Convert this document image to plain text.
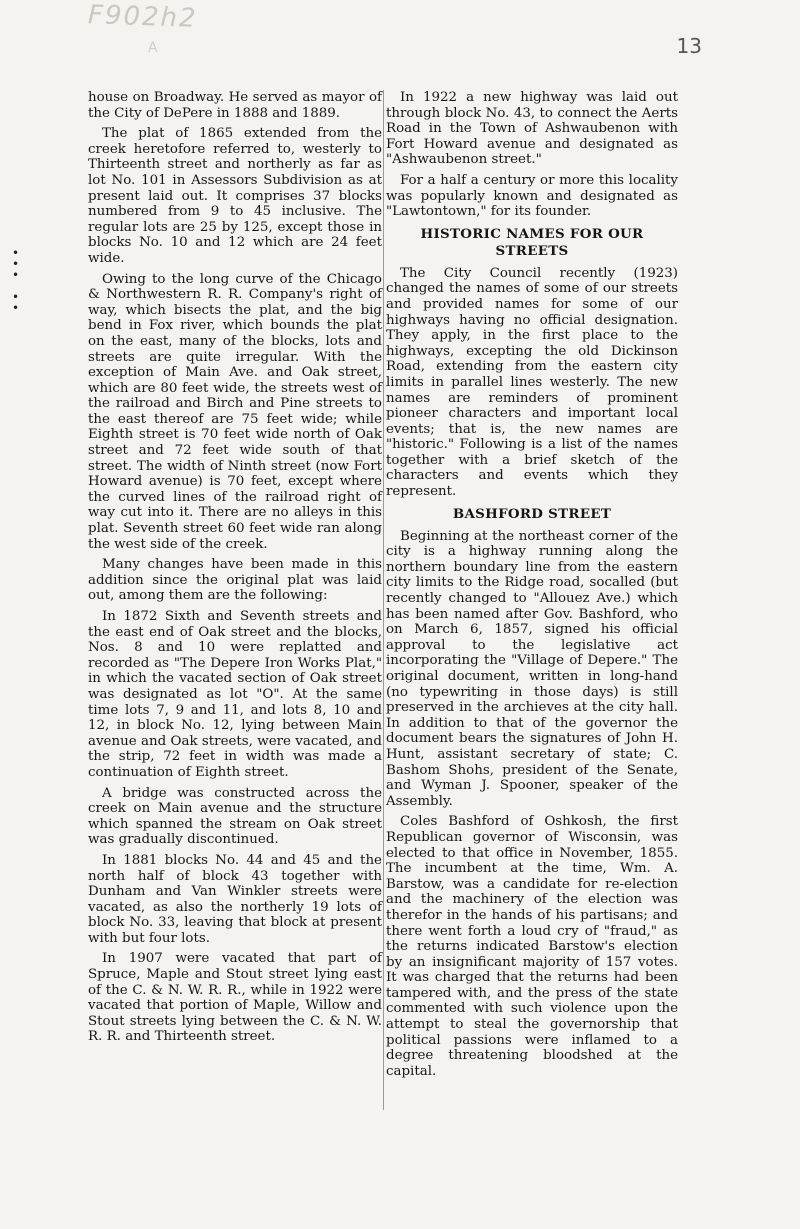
F902h2
A	13
•
•
•

•
•

house on Broadway. He served as mayor of the City of DePere in 1888 and 1889.

The plat of 1865 extended from the creek heretofore referred to, westerly to Thirteenth street and northerly as far as lot No. 101 in Assessors Subdivision as at present laid out. It comprises 37 blocks numbered from 9 to 45 inclusive. The regular lots are 25 by 125, except those in blocks No. 10 and 12 which are 24 feet wide.

Owing to the long curve of the Chicago & Northwestern R. R. Company's right of way, which bisects the plat, and the big bend in Fox river, which bounds the plat on the east, many of the blocks, lots and streets are quite irregular. With the exception of Main Ave. and Oak street, which are 80 feet wide, the streets west of the railroad and Birch and Pine streets to the east thereof are 75 feet wide; while Eighth street is 70 feet wide north of Oak street and 72 feet wide south of that street. The width of Ninth street (now Fort Howard avenue) is 70 feet, except where the curved lines of the railroad right of way cut into it. There are no alleys in this plat. Seventh street 60 feet wide ran along the west side of the creek.

Many changes have been made in this addition since the original plat was laid out, among them are the following:

In 1872 Sixth and Seventh streets and the east end of Oak street and the blocks, Nos. 8 and 10 were replatted and recorded as "The Depere Iron Works Plat," in which the vacated section of Oak street was designated as lot "O". At the same time lots 7, 9 and 11, and lots 8, 10 and 12, in block No. 12, lying between Main avenue and Oak streets, were vacated, and the strip, 72 feet in width was made a continuation of Eighth street.

A bridge was constructed across the creek on Main avenue and the structure which spanned the stream on Oak street was gradually discontinued.

In 1881 blocks No. 44 and 45 and the north half of block 43 together with Dunham and Van Winkler streets were vacated, as also the northerly 19 lots of block No. 33, leaving that block at present with but four lots.

In 1907 were vacated that part of Spruce, Maple and Stout street lying east of the C. & N. W. R. R., while in 1922 were vacated that portion of Maple, Willow and Stout streets lying between the C. & N. W. R. R. and Thirteenth street.

In 1922 a new highway was laid out through block No. 43, to connect the Aerts Road in the Town of Ashwaubenon with Fort Howard avenue and designated as "Ashwaubenon street."

For a half a century or more this locality was popularly known and designated as "Lawtontown," for its founder.

HISTORIC NAMES FOR OUR STREETS

The City Council recently (1923) changed the names of some of our streets and provided names for some of our highways having no official designation. They apply, in the first place to the highways, excepting the old Dickinson Road, extending from the eastern city limits in parallel lines westerly. The new names are reminders of prominent pioneer characters and important local events; that is, the new names are "historic." Following is a list of the names together with a brief sketch of the characters and events which they represent.

BASHFORD STREET

Beginning at the northeast corner of the city is a highway running along the northern boundary line from the eastern city limits to the Ridge road, socalled (but recently changed to "Allouez Ave.) which has been named after Gov. Bashford, who on March 6, 1857, signed his official approval to the legislative act incorporating the "Village of Depere." The original document, written in long-hand (no typewriting in those days) is still preserved in the archieves at the city hall. In addition to that of the governor the document bears the signatures of John H. Hunt, assistant secretary of state; C. Bashom Shohs, president of the Senate, and Wyman J. Spooner, speaker of the Assembly.

Coles Bashford of Oshkosh, the first Republican governor of Wisconsin, was elected to that office in November, 1855. The incumbent at the time, Wm. A. Barstow, was a candidate for re-election and the machinery of the election was therefor in the hands of his partisans; and there went forth a loud cry of "fraud," as the returns indicated Barstow's election by an insignificant majority of 157 votes. It was charged that the returns had been tampered with, and the press of the state commented with such violence upon the attempt to steal the governorship that political passions were inflamed to a degree threatening bloodshed at the capital.
